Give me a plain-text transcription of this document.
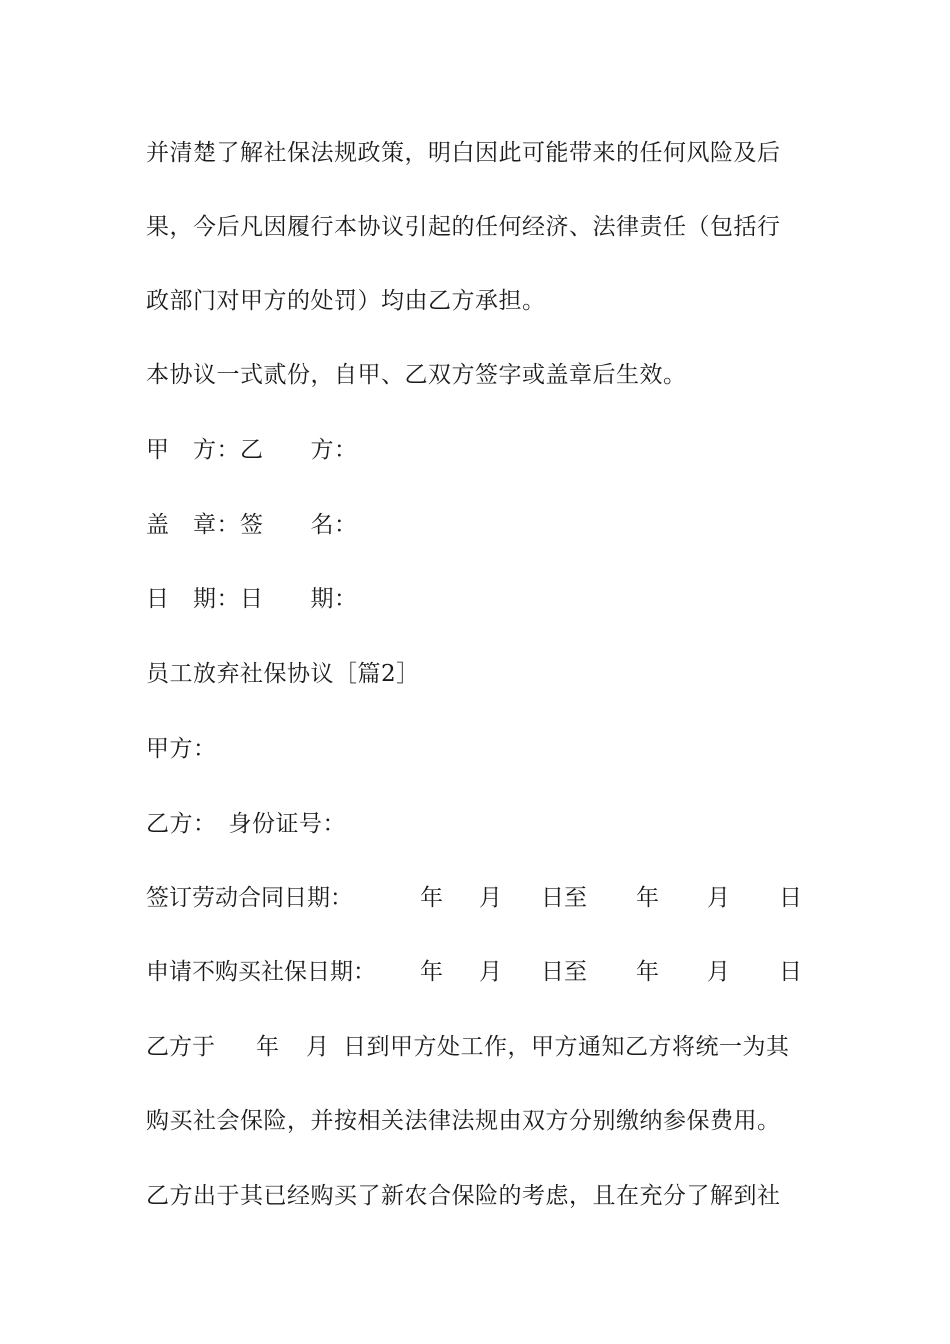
并清楚了解社保法规政策，明白因此可能带来的任何风险及后
果，今后凡因履行本协议引起的任何经济、法律责任（包括行
政部门对甲方的处罚）均由乙方承担。
本协议一式贰份，自甲、乙双方签字或盖章后生效。
甲　方：乙　　方：
盖　章：签　　名：
日　期：日　　期：
员工放弃社保协议［篇2］
甲方：
乙方：　身份证号：
签订劳动合同日期：	年 月 日至 年 月 日
申请不购买社保日期： 年 月 日至 年 月 日
乙方于 年 月 日到甲方处工作，甲方通知乙方将统一为其
购买社会保险，并按相关法律法规由双方分别缴纳参保费用。
乙方出于其已经购买了新农合保险的考虑，且在充分了解到社
